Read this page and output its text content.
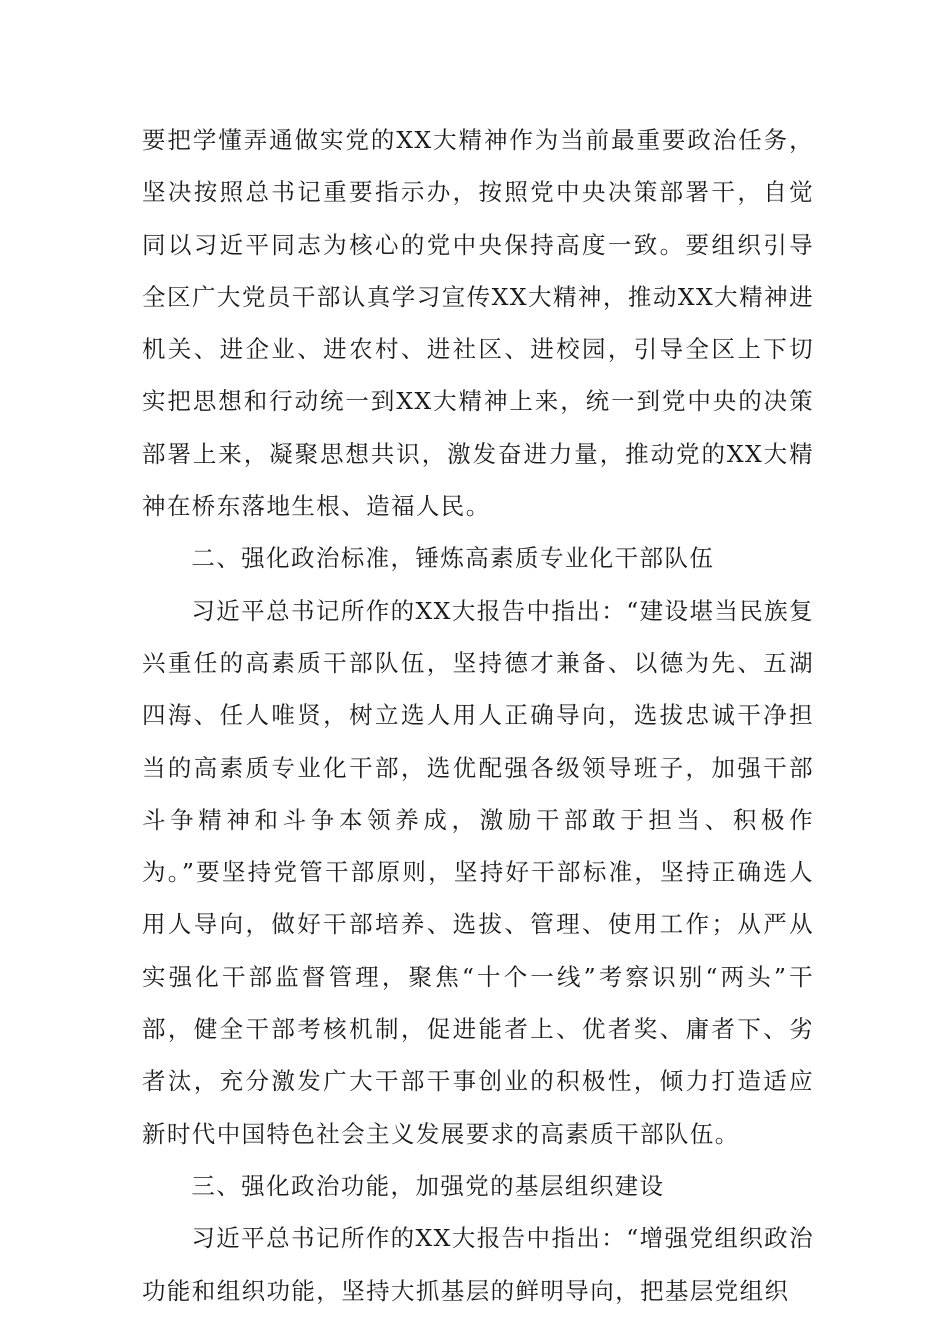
要把学懂弄通做实党的XX大精神作为当前最重要政治任务，坚决按照总书记重要指示办，按照党中央决策部署干，自觉同以习近平同志为核心的党中央保持高度一致。要组织引导全区广大党员干部认真学习宣传XX大精神，推动XX大精神进机关、进企业、进农村、进社区、进校园，引导全区上下切实把思想和行动统一到XX大精神上来，统一到党中央的决策部署上来，凝聚思想共识，激发奋进力量，推动党的XX大精神在桥东落地生根、造福人民。

二、强化政治标准，锤炼高素质专业化干部队伍

习近平总书记所作的XX大报告中指出：“建设堪当民族复兴重任的高素质干部队伍，坚持德才兼备、以德为先、五湖四海、任人唯贤，树立选人用人正确导向，选拔忠诚干净担当的高素质专业化干部，选优配强各级领导班子，加强干部斗争精神和斗争本领养成，激励干部敢于担当、积极作为。”要坚持党管干部原则，坚持好干部标准，坚持正确选人用人导向，做好干部培养、选拔、管理、使用工作；从严从实强化干部监督管理，聚焦“十个一线”考察识别“两头”干部，健全干部考核机制，促进能者上、优者奖、庸者下、劣者汰，充分激发广大干部干事创业的积极性，倾力打造适应新时代中国特色社会主义发展要求的高素质干部队伍。

三、强化政治功能，加强党的基层组织建设

习近平总书记所作的XX大报告中指出：“增强党组织政治功能和组织功能，坚持大抓基层的鲜明导向，把基层党组织
